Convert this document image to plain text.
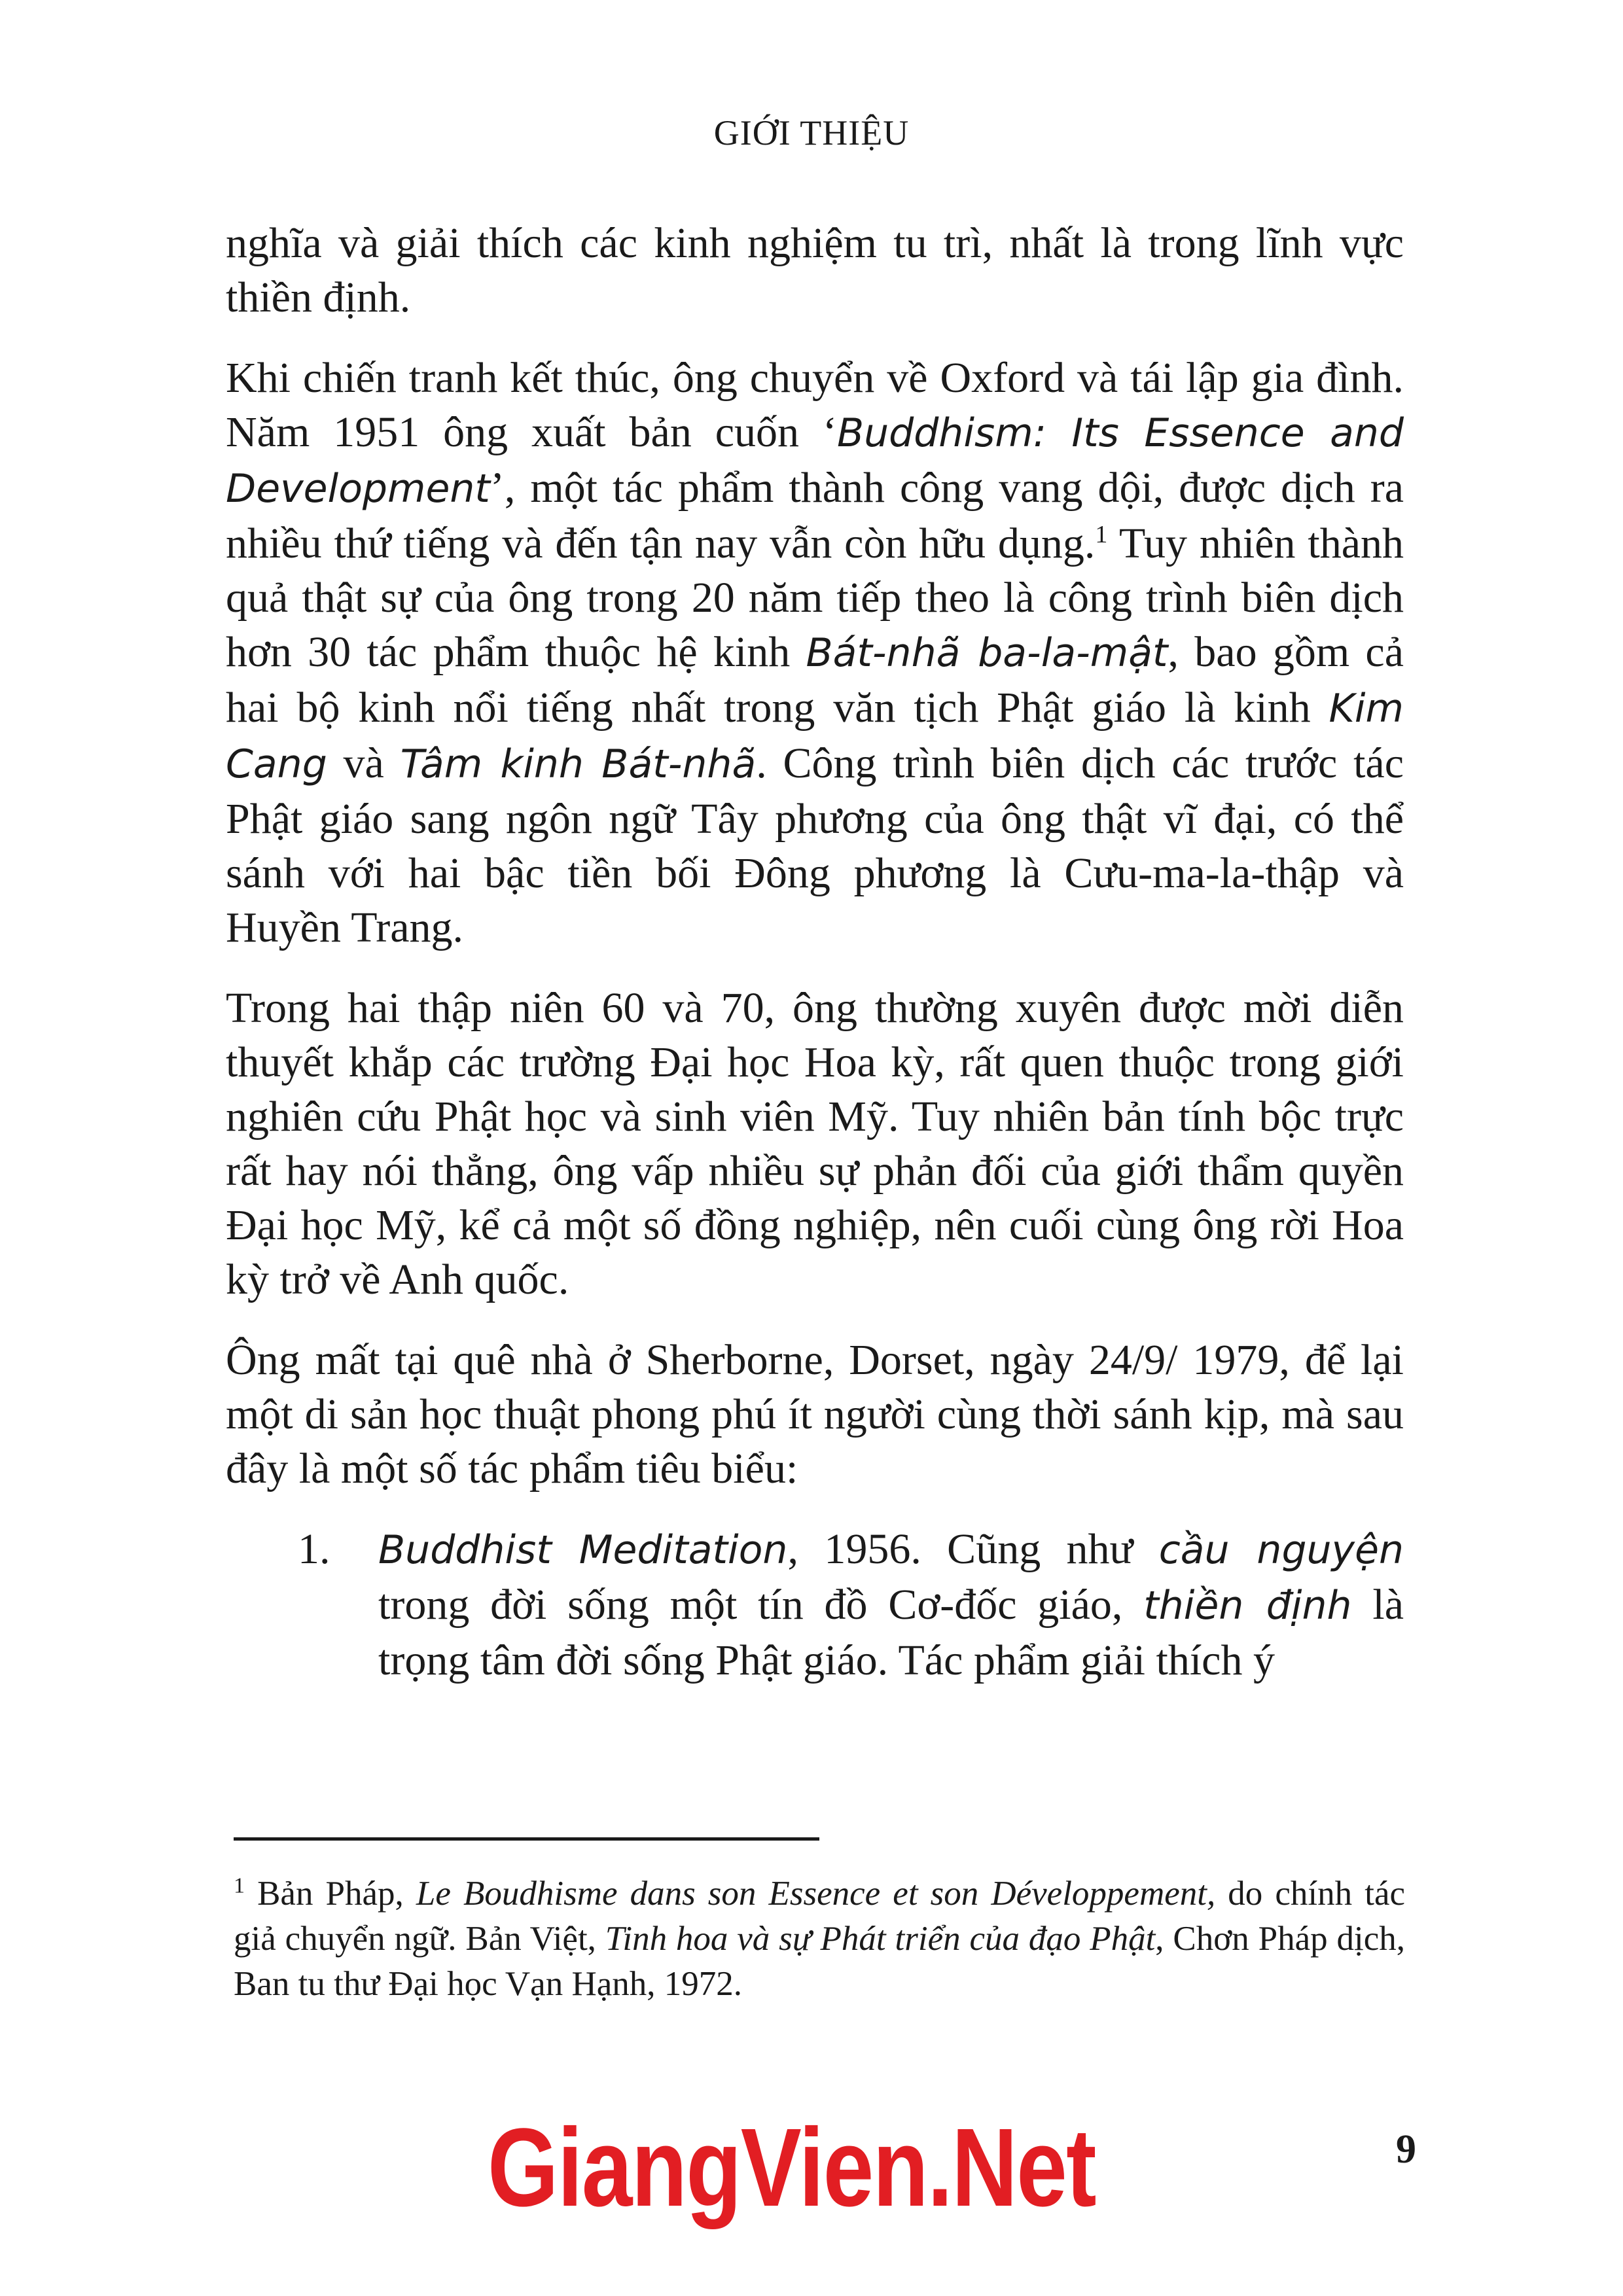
GIỚI THIỆU

nghĩa và giải thích các kinh nghiệm tu trì, nhất là trong lĩnh vực thiền định.

Khi chiến tranh kết thúc, ông chuyển về Oxford và tái lập gia đình. Năm 1951 ông xuất bản cuốn ‘Buddhism: Its Essence and Development’, một tác phẩm thành công vang dội, được dịch ra nhiều thứ tiếng và đến tận nay vẫn còn hữu dụng.$^1$ Tuy nhiên thành quả thật sự của ông trong 20 năm tiếp theo là công trình biên dịch hơn 30 tác phẩm thuộc hệ kinh Bát-nhã ba-la-mật, bao gồm cả hai bộ kinh nổi tiếng nhất trong văn tịch Phật giáo là kinh Kim Cang và Tâm kinh Bát-nhã. Công trình biên dịch các trước tác Phật giáo sang ngôn ngữ Tây phương của ông thật vĩ đại, có thể sánh với hai bậc tiền bối Đông phương là Cưu-ma-la-thập và Huyền Trang.

Trong hai thập niên 60 và 70, ông thường xuyên được mời diễn thuyết khắp các trường Đại học Hoa kỳ, rất quen thuộc trong giới nghiên cứu Phật học và sinh viên Mỹ. Tuy nhiên bản tính bộc trực rất hay nói thẳng, ông vấp nhiều sự phản đối của giới thẩm quyền Đại học Mỹ, kể cả một số đồng nghiệp, nên cuối cùng ông rời Hoa kỳ trở về Anh quốc.

Ông mất tại quê nhà ở Sherborne, Dorset, ngày 24/9/ 1979, để lại một di sản học thuật phong phú ít người cùng thời sánh kịp, mà sau đây là một số tác phẩm tiêu biểu:

1. Buddhist Meditation, 1956. Cũng như cầu nguyện trong đời sống một tín đồ Cơ-đốc giáo, thiền định là trọng tâm đời sống Phật giáo. Tác phẩm giải thích ý
$^1$ Bản Pháp, Le Boudhisme dans son Essence et son Développement, do chính tác giả chuyển ngữ. Bản Việt, Tinh hoa và sự Phát triển của đạo Phật, Chơn Pháp dịch, Ban tu thư Đại học Vạn Hạnh, 1972.
GiangVien.Net	9
